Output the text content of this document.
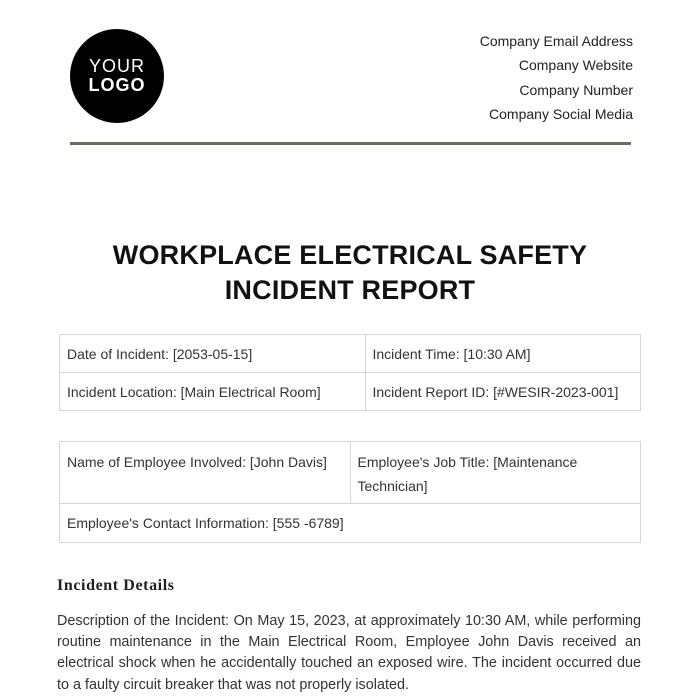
YOUR
LOGO
Company Email Address
Company Website
Company Number
Company Social Media
WORKPLACE ELECTRICAL SAFETY
INCIDENT REPORT
Date of Incident: [2053-05-15]	Incident Time: [10:30 AM]
Incident Location: [Main Electrical Room]	Incident Report ID: [#WESIR-2023-001]
Name of Employee Involved: [John Davis]	Employee's Job Title: [Maintenance Technician]
Employee's Contact Information: [555 -6789]
Incident Details

Description of the Incident: On May 15, 2023, at approximately 10:30 AM, while performing routine maintenance in the Main Electrical Room, Employee John Davis received an electrical shock when he accidentally touched an exposed wire. The incident occurred due to a faulty circuit breaker that was not properly isolated.
